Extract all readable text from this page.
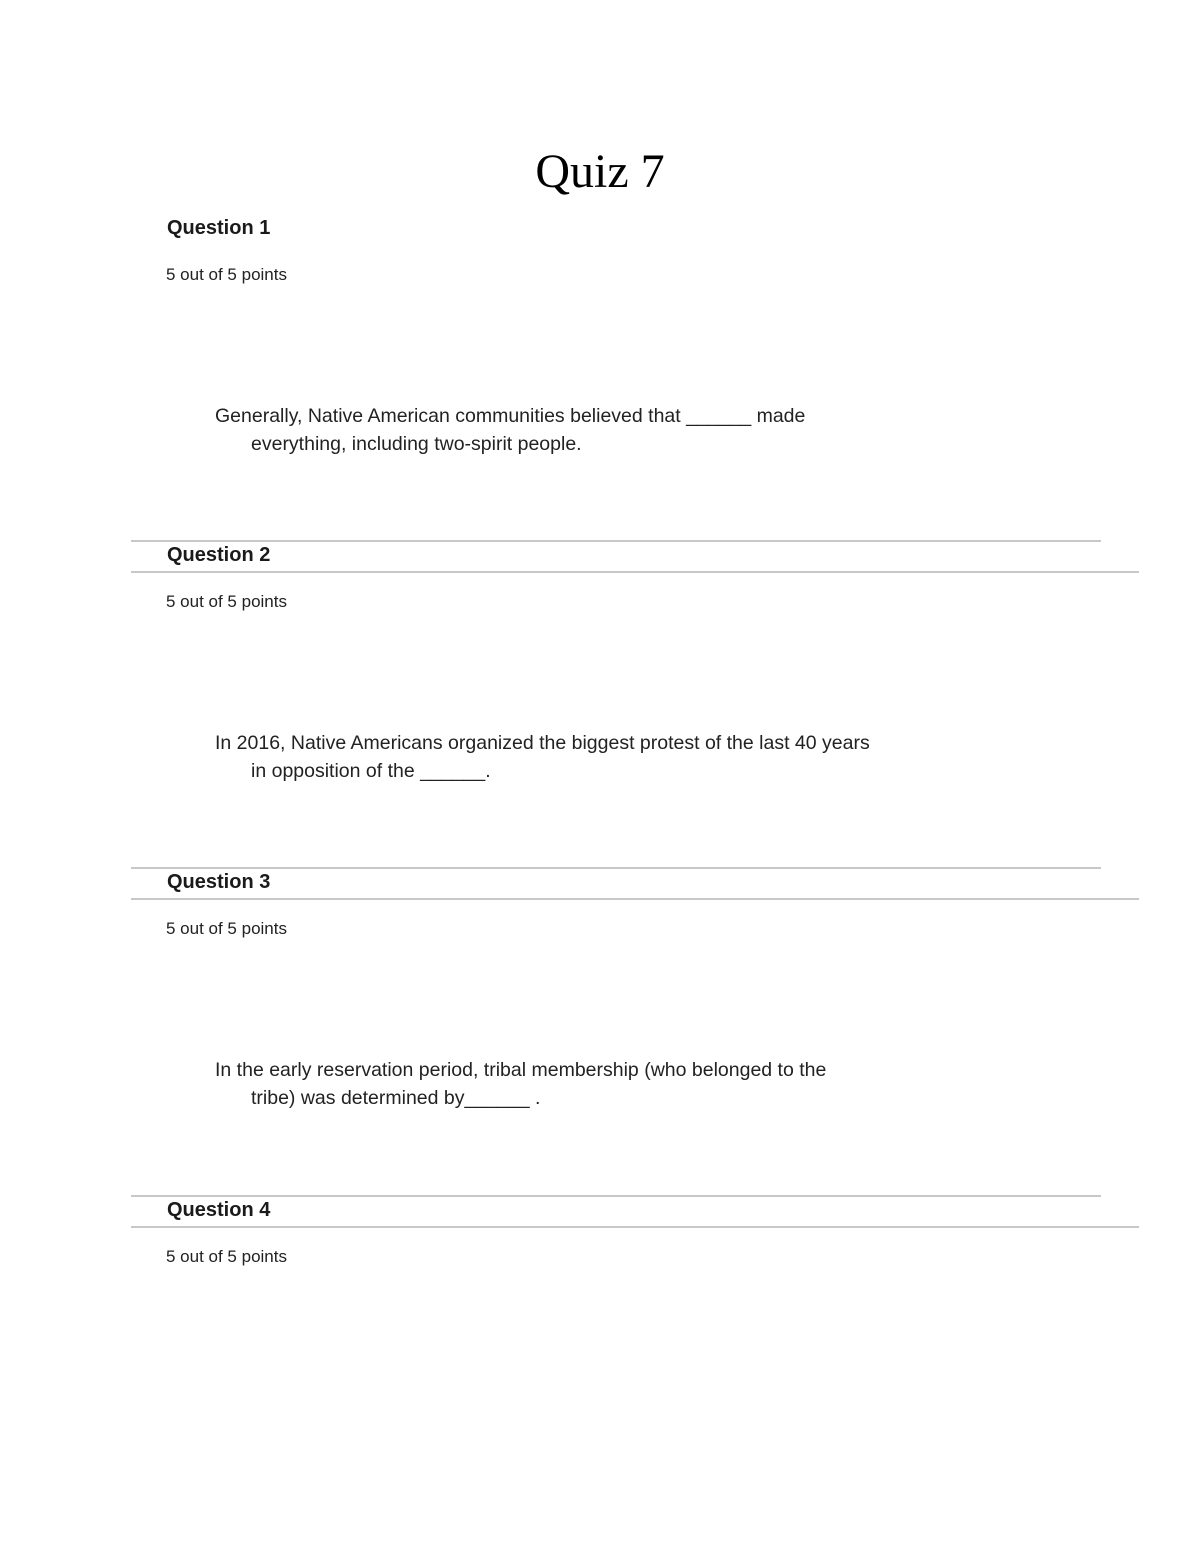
Quiz 7
Question 1
5 out of 5 points
Generally, Native American communities believed that ______ made
everything, including two-spirit people.
Question 2
5 out of 5 points
In 2016, Native Americans organized the biggest protest of the last 40 years
in opposition of the ______.
Question 3
5 out of 5 points
In the early reservation period, tribal membership (who belonged to the
tribe) was determined by______ .
Question 4
5 out of 5 points
